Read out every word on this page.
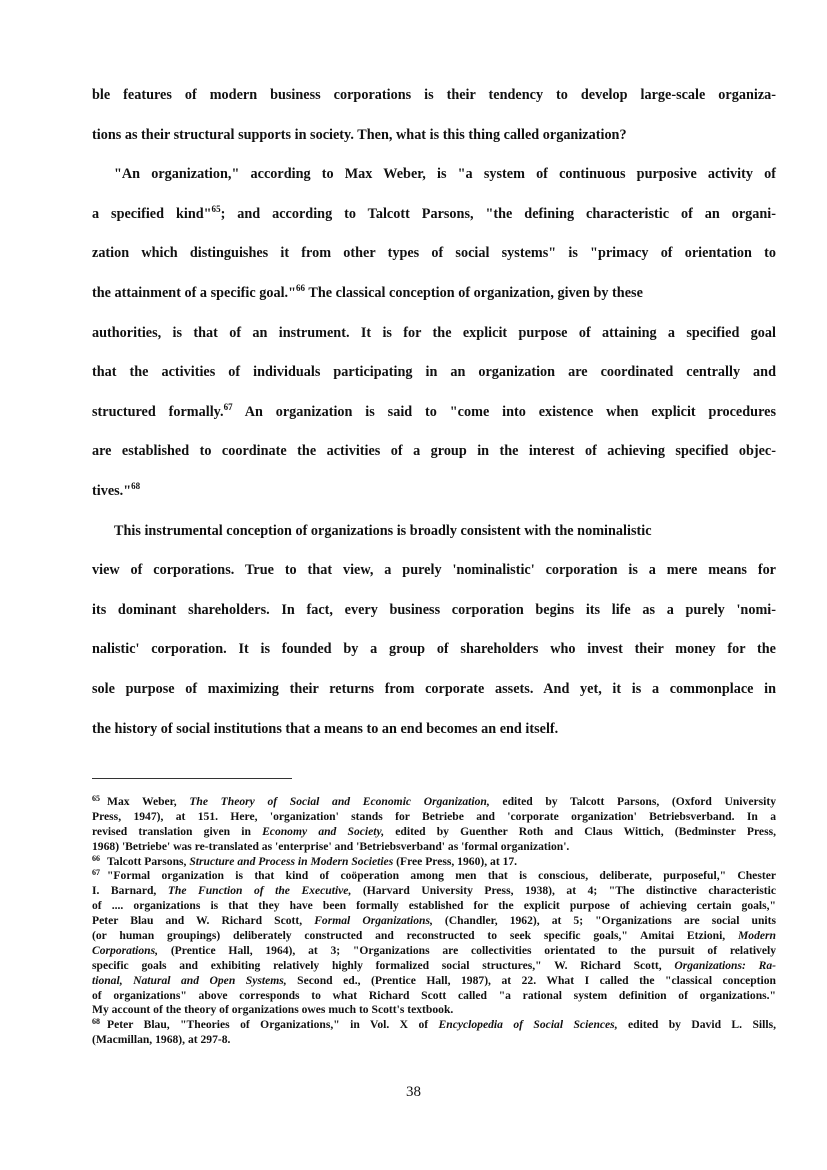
ble features of modern business corporations is their tendency to develop large-scale organiza-
tions as their structural supports in society. Then, what is this thing called organization?
"An organization," according to Max Weber, is "a system of continuous purposive activity of
a specified kind"$^{65}$; and according to Talcott Parsons, "the defining characteristic of an organi-
zation which distinguishes it from other types of social systems" is "primacy of orientation to
the attainment of a specific goal."$^{66}$ The classical conception of organization, given by these
authorities, is that of an instrument. It is for the explicit purpose of attaining a specified goal
that the activities of individuals participating in an organization are coordinated centrally and
structured formally.$^{67}$ An organization is said to "come into existence when explicit procedures
are established to coordinate the activities of a group in the interest of achieving specified objec-
tives."$^{68}$
This instrumental conception of organizations is broadly consistent with the nominalistic
view of corporations. True to that view, a purely 'nominalistic' corporation is a mere means for
its dominant shareholders. In fact, every business corporation begins its life as a purely 'nomi-
nalistic' corporation. It is founded by a group of shareholders who invest their money for the
sole purpose of maximizing their returns from corporate assets. And yet, it is a commonplace in
the history of social institutions that a means to an end becomes an end itself.
$^{65}$ Max Weber, The Theory of Social and Economic Organization, edited by Talcott Parsons, (Oxford University
Press, 1947), at 151. Here, 'organization' stands for Betriebe and 'corporate organization' Betriebsverband. In a
revised translation given in Economy and Society, edited by Guenther Roth and Claus Wittich, (Bedminster Press,
1968) 'Betriebe' was re-translated as 'enterprise' and 'Betriebsverband' as 'formal organization'.
$^{66}$ Talcott Parsons, Structure and Process in Modern Societies (Free Press, 1960), at 17.
$^{67}$ "Formal organization is that kind of coöperation among men that is conscious, deliberate, purposeful," Chester
I. Barnard, The Function of the Executive, (Harvard University Press, 1938), at 4; "The distinctive characteristic
of .... organizations is that they have been formally established for the explicit purpose of achieving certain goals,"
Peter Blau and W. Richard Scott, Formal Organizations, (Chandler, 1962), at 5; "Organizations are social units
(or human groupings) deliberately constructed and reconstructed to seek specific goals," Amitai Etzioni, Modern
Corporations, (Prentice Hall, 1964), at 3; "Organizations are collectivities orientated to the pursuit of relatively
specific goals and exhibiting relatively highly formalized social structures," W. Richard Scott, Organizations: Ra-
tional, Natural and Open Systems, Second ed., (Prentice Hall, 1987), at 22. What I called the "classical conception
of organizations" above corresponds to what Richard Scott called "a rational system definition of organizations."
My account of the theory of organizations owes much to Scott's textbook.
$^{68}$ Peter Blau, "Theories of Organizations," in Vol. X of Encyclopedia of Social Sciences, edited by David L. Sills,
(Macmillan, 1968), at 297-8.
38
